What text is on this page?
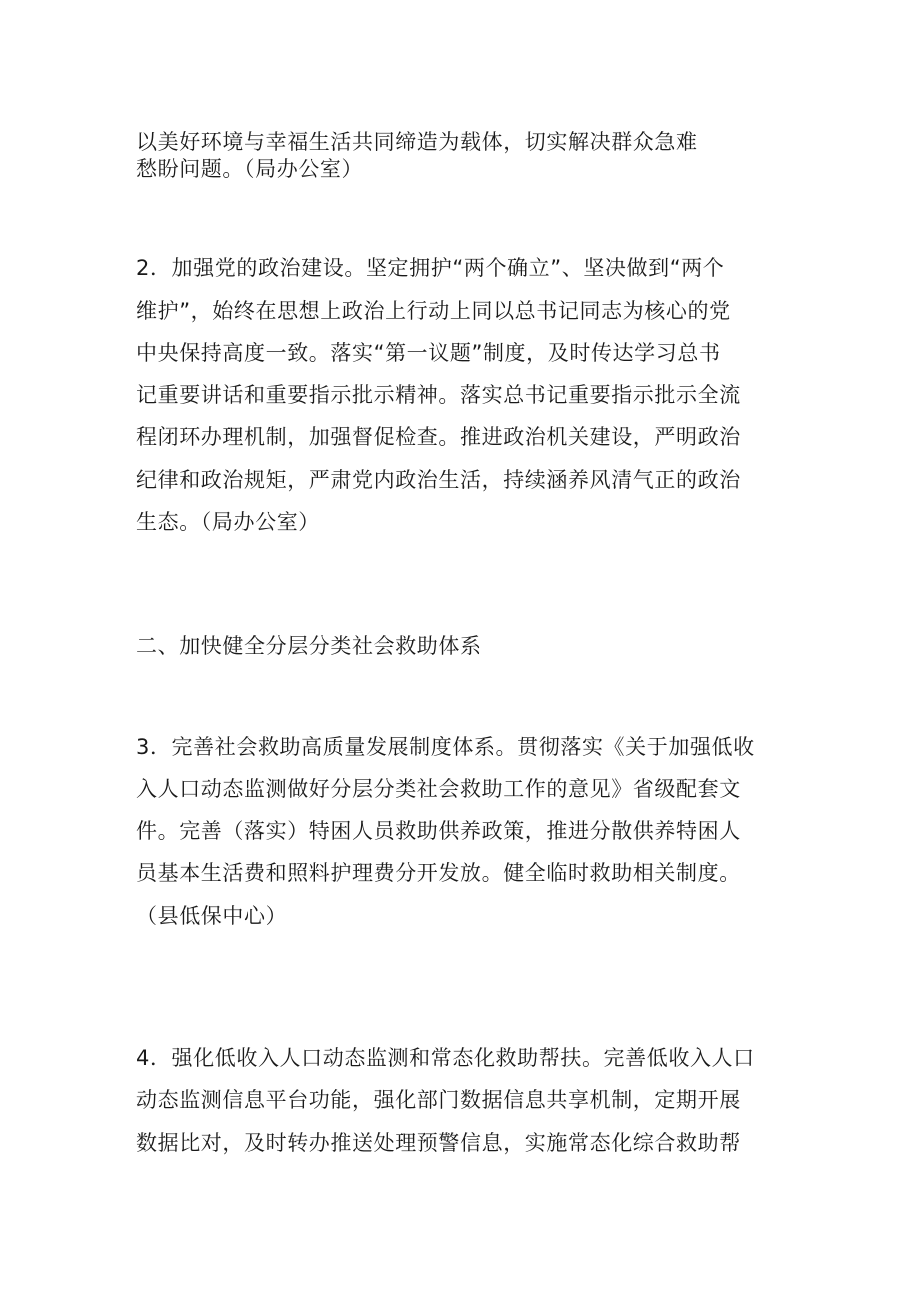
以美好环境与幸福生活共同缔造为载体，切实解决群众急难
愁盼问题。（局办公室）
2．加强党的政治建设。坚定拥护“两个确立”、坚决做到“两个
维护”，始终在思想上政治上行动上同以总书记同志为核心的党
中央保持高度一致。落实“第一议题”制度，及时传达学习总书
记重要讲话和重要指示批示精神。落实总书记重要指示批示全流
程闭环办理机制，加强督促检查。推进政治机关建设，严明政治
纪律和政治规矩，严肃党内政治生活，持续涵养风清气正的政治
生态。（局办公室）
二、加快健全分层分类社会救助体系
3．完善社会救助高质量发展制度体系。贯彻落实《关于加强低收
入人口动态监测做好分层分类社会救助工作的意见》省级配套文
件。完善（落实）特困人员救助供养政策，推进分散供养特困人
员基本生活费和照料护理费分开发放。健全临时救助相关制度。
（县低保中心）
4．强化低收入人口动态监测和常态化救助帮扶。完善低收入人口
动态监测信息平台功能，强化部门数据信息共享机制，定期开展
数据比对，及时转办推送处理预警信息，实施常态化综合救助帮
